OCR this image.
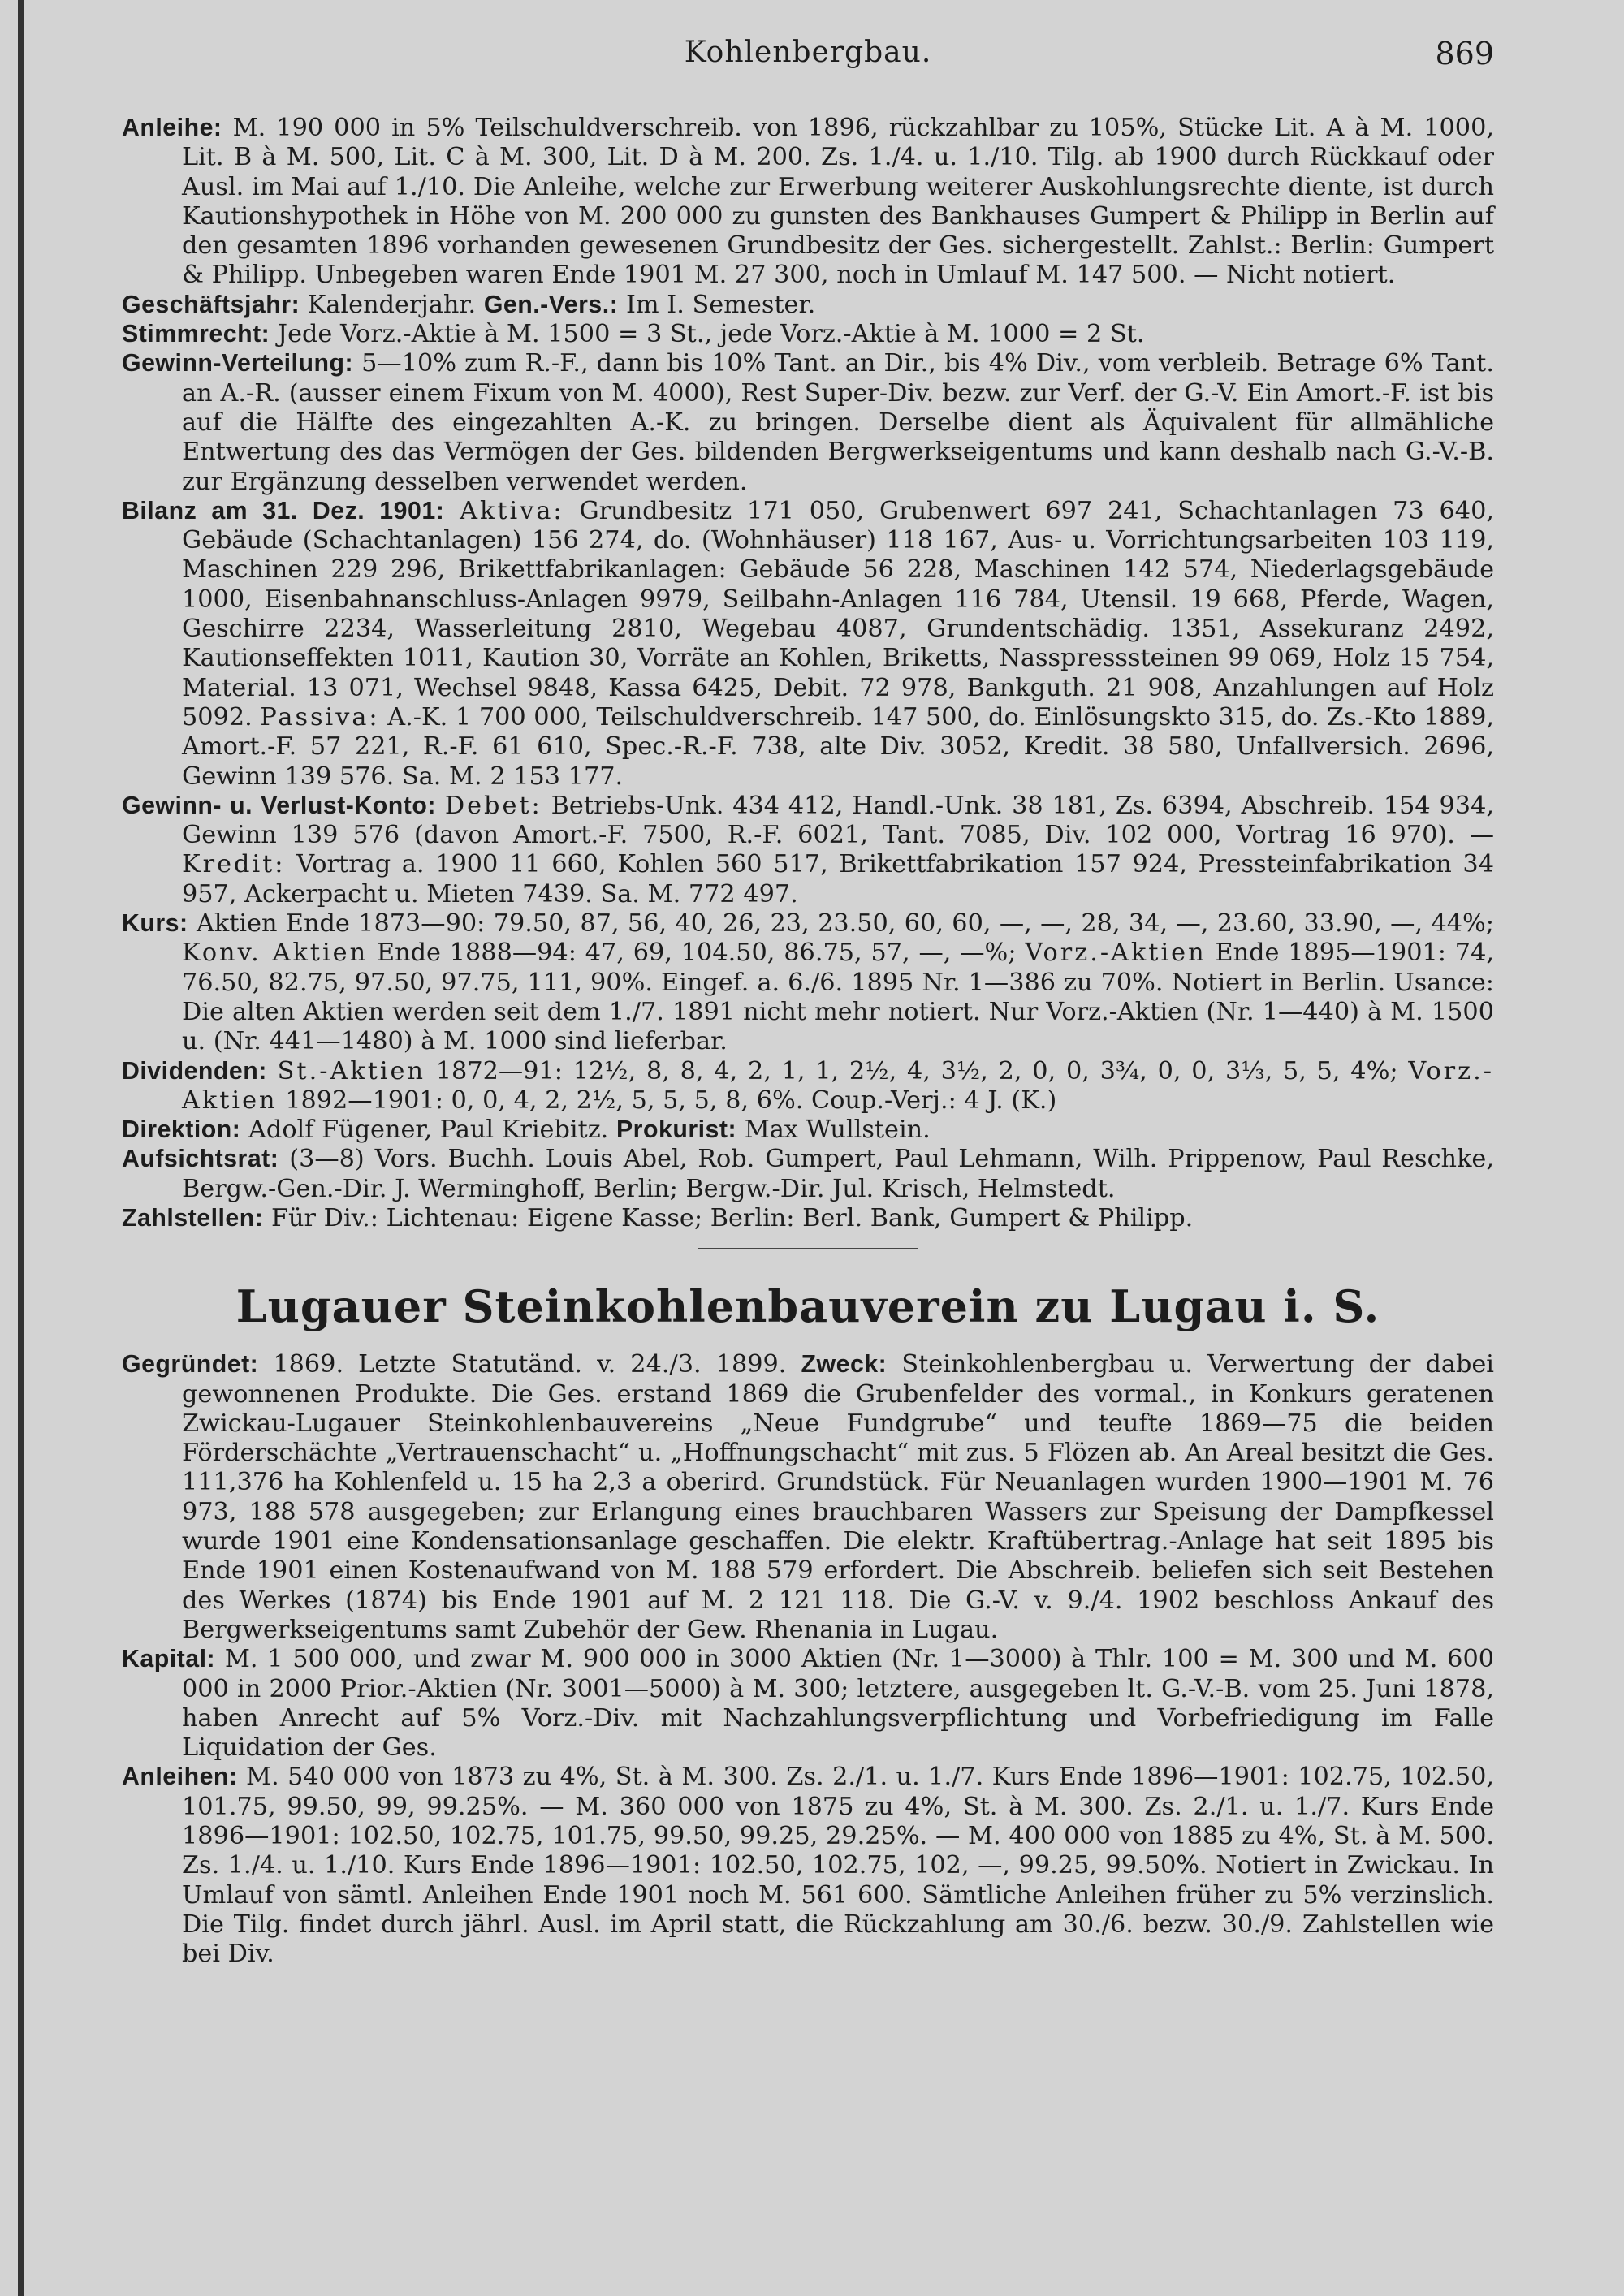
Kohlenbergbau.	869

Anleihe: M. 190 000 in 5% Teilschuldverschreib. von 1896, rückzahlbar zu 105%, Stücke Lit. A à M. 1000, Lit. B à M. 500, Lit. C à M. 300, Lit. D à M. 200. Zs. 1./4. u. 1./10. Tilg. ab 1900 durch Rückkauf oder Ausl. im Mai auf 1./10. Die Anleihe, welche zur Erwerbung weiterer Auskohlungsrechte diente, ist durch Kautionshypothek in Höhe von M. 200 000 zu gunsten des Bankhauses Gumpert & Philipp in Berlin auf den gesamten 1896 vorhanden gewesenen Grundbesitz der Ges. sichergestellt. Zahlst.: Berlin: Gumpert & Philipp. Unbegeben waren Ende 1901 M. 27 300, noch in Umlauf M. 147 500. — Nicht notiert.

Geschäftsjahr: Kalenderjahr. Gen.-Vers.: Im I. Semester.

Stimmrecht: Jede Vorz.-Aktie à M. 1500 = 3 St., jede Vorz.-Aktie à M. 1000 = 2 St.

Gewinn-Verteilung: 5—10% zum R.-F., dann bis 10% Tant. an Dir., bis 4% Div., vom verbleib. Betrage 6% Tant. an A.-R. (ausser einem Fixum von M. 4000), Rest Super-Div. bezw. zur Verf. der G.-V. Ein Amort.-F. ist bis auf die Hälfte des eingezahlten A.-K. zu bringen. Derselbe dient als Äquivalent für allmähliche Entwertung des das Vermögen der Ges. bildenden Bergwerkseigentums und kann deshalb nach G.-V.-B. zur Ergänzung desselben verwendet werden.

Bilanz am 31. Dez. 1901: Aktiva: Grundbesitz 171 050, Grubenwert 697 241, Schachtanlagen 73 640, Gebäude (Schachtanlagen) 156 274, do. (Wohnhäuser) 118 167, Aus- u. Vorrichtungsarbeiten 103 119, Maschinen 229 296, Brikettfabrikanlagen: Gebäude 56 228, Maschinen 142 574, Niederlagsgebäude 1000, Eisenbahnanschluss-Anlagen 9979, Seilbahn-Anlagen 116 784, Utensil. 19 668, Pferde, Wagen, Geschirre 2234, Wasserleitung 2810, Wegebau 4087, Grundentschädig. 1351, Assekuranz 2492, Kautionseffekten 1011, Kaution 30, Vorräte an Kohlen, Briketts, Nasspresssteinen 99 069, Holz 15 754, Material. 13 071, Wechsel 9848, Kassa 6425, Debit. 72 978, Bankguth. 21 908, Anzahlungen auf Holz 5092. Passiva: A.-K. 1 700 000, Teilschuldverschreib. 147 500, do. Einlösungskto 315, do. Zs.-Kto 1889, Amort.-F. 57 221, R.-F. 61 610, Spec.-R.-F. 738, alte Div. 3052, Kredit. 38 580, Unfallversich. 2696, Gewinn 139 576. Sa. M. 2 153 177.

Gewinn- u. Verlust-Konto: Debet: Betriebs-Unk. 434 412, Handl.-Unk. 38 181, Zs. 6394, Abschreib. 154 934, Gewinn 139 576 (davon Amort.-F. 7500, R.-F. 6021, Tant. 7085, Div. 102 000, Vortrag 16 970). — Kredit: Vortrag a. 1900 11 660, Kohlen 560 517, Brikettfabrikation 157 924, Pressteinfabrikation 34 957, Ackerpacht u. Mieten 7439. Sa. M. 772 497.

Kurs: Aktien Ende 1873—90: 79.50, 87, 56, 40, 26, 23, 23.50, 60, 60, —, —, 28, 34, —, 23.60, 33.90, —, 44%; Konv. Aktien Ende 1888—94: 47, 69, 104.50, 86.75, 57, —, —%; Vorz.-Aktien Ende 1895—1901: 74, 76.50, 82.75, 97.50, 97.75, 111, 90%. Eingef. a. 6./6. 1895 Nr. 1—386 zu 70%. Notiert in Berlin. Usance: Die alten Aktien werden seit dem 1./7. 1891 nicht mehr notiert. Nur Vorz.-Aktien (Nr. 1—440) à M. 1500 u. (Nr. 441—1480) à M. 1000 sind lieferbar.

Dividenden: St.-Aktien 1872—91: 12½, 8, 8, 4, 2, 1, 1, 2½, 4, 3½, 2, 0, 0, 3¾, 0, 0, 3⅓, 5, 5, 4%; Vorz.-Aktien 1892—1901: 0, 0, 4, 2, 2½, 5, 5, 5, 8, 6%. Coup.-Verj.: 4 J. (K.)

Direktion: Adolf Fügener, Paul Kriebitz. Prokurist: Max Wullstein.

Aufsichtsrat: (3—8) Vors. Buchh. Louis Abel, Rob. Gumpert, Paul Lehmann, Wilh. Prippenow, Paul Reschke, Bergw.-Gen.-Dir. J. Werminghoff, Berlin; Bergw.-Dir. Jul. Krisch, Helmstedt.

Zahlstellen: Für Div.: Lichtenau: Eigene Kasse; Berlin: Berl. Bank, Gumpert & Philipp.

Lugauer Steinkohlenbauverein zu Lugau i. S.

Gegründet: 1869. Letzte Statutänd. v. 24./3. 1899. Zweck: Steinkohlenbergbau u. Verwertung der dabei gewonnenen Produkte. Die Ges. erstand 1869 die Grubenfelder des vormal., in Konkurs geratenen Zwickau-Lugauer Steinkohlenbauvereins „Neue Fundgrube“ und teufte 1869—75 die beiden Förderschächte „Vertrauenschacht“ u. „Hoffnungschacht“ mit zus. 5 Flözen ab. An Areal besitzt die Ges. 111,376 ha Kohlenfeld u. 15 ha 2,3 a oberird. Grundstück. Für Neuanlagen wurden 1900—1901 M. 76 973, 188 578 ausgegeben; zur Erlangung eines brauchbaren Wassers zur Speisung der Dampfkessel wurde 1901 eine Kondensationsanlage geschaffen. Die elektr. Kraftübertrag.-Anlage hat seit 1895 bis Ende 1901 einen Kostenaufwand von M. 188 579 erfordert. Die Abschreib. beliefen sich seit Bestehen des Werkes (1874) bis Ende 1901 auf M. 2 121 118. Die G.-V. v. 9./4. 1902 beschloss Ankauf des Bergwerkseigentums samt Zubehör der Gew. Rhenania in Lugau.

Kapital: M. 1 500 000, und zwar M. 900 000 in 3000 Aktien (Nr. 1—3000) à Thlr. 100 = M. 300 und M. 600 000 in 2000 Prior.-Aktien (Nr. 3001—5000) à M. 300; letztere, ausgegeben lt. G.-V.-B. vom 25. Juni 1878, haben Anrecht auf 5% Vorz.-Div. mit Nachzahlungsverpflichtung und Vorbefriedigung im Falle Liquidation der Ges.

Anleihen: M. 540 000 von 1873 zu 4%, St. à M. 300. Zs. 2./1. u. 1./7. Kurs Ende 1896—1901: 102.75, 102.50, 101.75, 99.50, 99, 99.25%. — M. 360 000 von 1875 zu 4%, St. à M. 300. Zs. 2./1. u. 1./7. Kurs Ende 1896—1901: 102.50, 102.75, 101.75, 99.50, 99.25, 29.25%. — M. 400 000 von 1885 zu 4%, St. à M. 500. Zs. 1./4. u. 1./10. Kurs Ende 1896—1901: 102.50, 102.75, 102, —, 99.25, 99.50%. Notiert in Zwickau. In Umlauf von sämtl. Anleihen Ende 1901 noch M. 561 600. Sämtliche Anleihen früher zu 5% verzinslich. Die Tilg. findet durch jährl. Ausl. im April statt, die Rückzahlung am 30./6. bezw. 30./9. Zahlstellen wie bei Div.
